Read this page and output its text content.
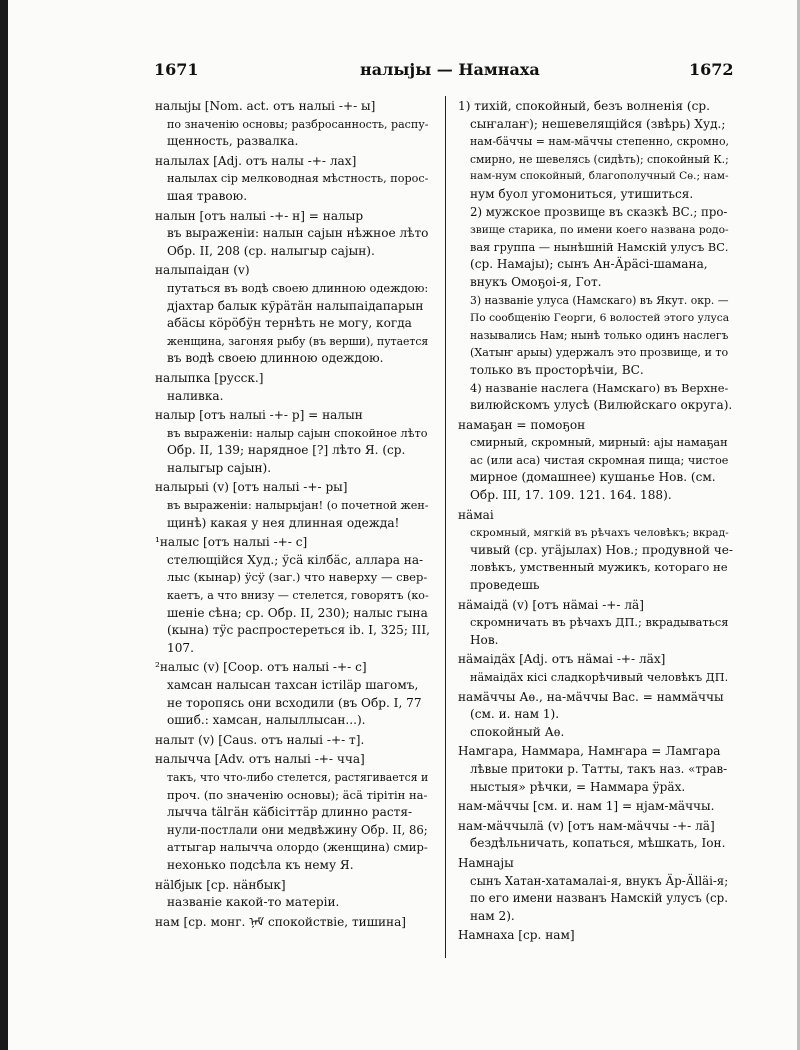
1671	налыјы — Намнаха	1672
налыјы [Nom. act. отъ налыі -+- ы]
по значенію основы; разбросанность, распу-
щенность, развалка.
налылах [Adj. отъ налы -+- лах]
налылах сір мелководная мѣстность, порос-
шая травою.
налын [отъ налыі -+- н] = налыр
въ выраженіи: налын сајын нѣжное лѣто
Обр. II, 208 (ср. налыгыр сајын).
налыпаідан (v)
путаться въ водѣ своею длинною одеждою:
дјахтар балык кўрӓтӓн налыпаідапарын
абӓсы кӧрӧбӱн тернѣть не могу, когда
женщина, загоняя рыбу (въ верши), путается
въ водѣ своею длинною одеждою.
налыпка [русск.]
наливка.
налыр [отъ налыі -+- р] = налын
въ выраженіи: налыр сајын спокойное лѣто
Обр. II, 139; нарядное [?] лѣто Я. (ср.
налыгыр сајын).
налырыі (v) [отъ налыі -+- ры]
въ выраженіи: налырыјан! (о почетной жен-
щинѣ) какая у нея длинная одежда!
¹налыс [отъ налыі -+- с]
стелющійся Худ.; ӱсӓ кілбӓс, аллара на-
лыс (кынар) ӱсӱ (заг.) что наверху — свер-
каетъ, а что внизу — стелется, говорятъ (ко-
шеніе сѣна; ср. Обр. II, 230); налыс гына
(кына) тӱс распростереться ib. I, 325; III,
107.
²налыс (v) [Coop. отъ налыі -+- с]
хамсан налысан тахсан істіlӓр шагомъ,
не торопясь они всходили (въ Обр. I, 77
ошиб.: хамсан, налыллысан...).
налыт (v) [Caus. отъ налыі -+- т].
налычча [Adv. отъ налыі -+- чча]
такъ, что что-либо стелется, растягивается и
проч. (по значенію основы); ӓсӓ тірітін на-
лычча tӓlгӓн кӓбісіттӓр длинно растя-
нули-постлали они медвѣжину Обр. II, 86;
аттыгар налычча олордо (женщина) смир-
нехонько подсѣла къ нему Я.
нӓlбјык [ср. нӓнбык]
названіе какой-то матеріи.
нам [ср. монг. ᠨᠠᠮ спокойствіе, тишина]
1) тихій, спокойный, безъ волненія (ср.
сыҥалаҥ); нешевелящійся (звѣрь) Худ.;
нам-бӓччы = нам-мӓччы степенно, скромно,
смирно, не шевелясь (сидѣть); спокойный К.;
нам-нум спокойный, благополучный Сѳ.; нам-
нум буол угомониться, утишиться.
2) мужское прозвище въ сказкѣ ВС.; про-
звище старика, по имени коего названа родо-
вая группа — нынѣшній Намскій улусъ ВС.
(ср. Намајы); сынъ Ан-Ӓрӓсі-шамана,
внукъ Омоҕоі-я, Гот.
3) названіе улуса (Намскаго) въ Якут. окр. —
По сообщенію Георги, 6 волостей этого улуса
назывались Нам; нынѣ только одинъ наслегъ
(Хатыҥ арыы) удержалъ это прозвище, и то
только въ просторѣчіи, ВС.
4) названіе наслега (Намскаго) въ Верхне-
вилюйскомъ улусѣ (Вилюйскаго округа).
намаҕан = помоҕон
смирный, скромный, мирный: ајы намаҕан
ас (или аса) чистая скромная пища; чистое
мирное (домашнее) кушанье Нов. (см.
Обр. III, 17. 109. 121. 164. 188).
нӓмаі
скромный, мягкій въ рѣчахъ человѣкъ; вкрад-
чивый (ср. угӓјылах) Нов.; продувной че-
ловѣкъ, умственный мужикъ, котораго не
проведешь
нӓмаідӓ (v) [отъ нӓмаі -+- лӓ]
скромничать въ рѣчахъ ДП.; вкрадываться
Нов.
нӓмаідӓх [Adj. отъ нӓмаі -+- лӓх]
нӓмаідӓх кісі сладкорѣчивый человѣкъ ДП.
намӓччы Аѳ., на-мӓччы Вас. = наммӓччы
(см. и. нам 1).
спокойный Аѳ.
Намгара, Наммара, Намҥара = Ламгара
лѣвые притоки р. Татты, такъ наз. «трав-
ныстыя» рѣчки, = Наммара ӱрӓх.
нам-мӓччы [см. и. нам 1] = нјам-мӓччы.
нам-мӓччылӓ (v) [отъ нам-мӓччы -+- лӓ]
бездѣльничать, копаться, мѣшкать, Іон.
Намнајы
сынъ Хатан-хатамалаі-я, внукъ Ӓр-Ӓllӓі-я;
по его имени названъ Намскій улусъ (ср.
нам 2).
Намнаха [ср. нам]
